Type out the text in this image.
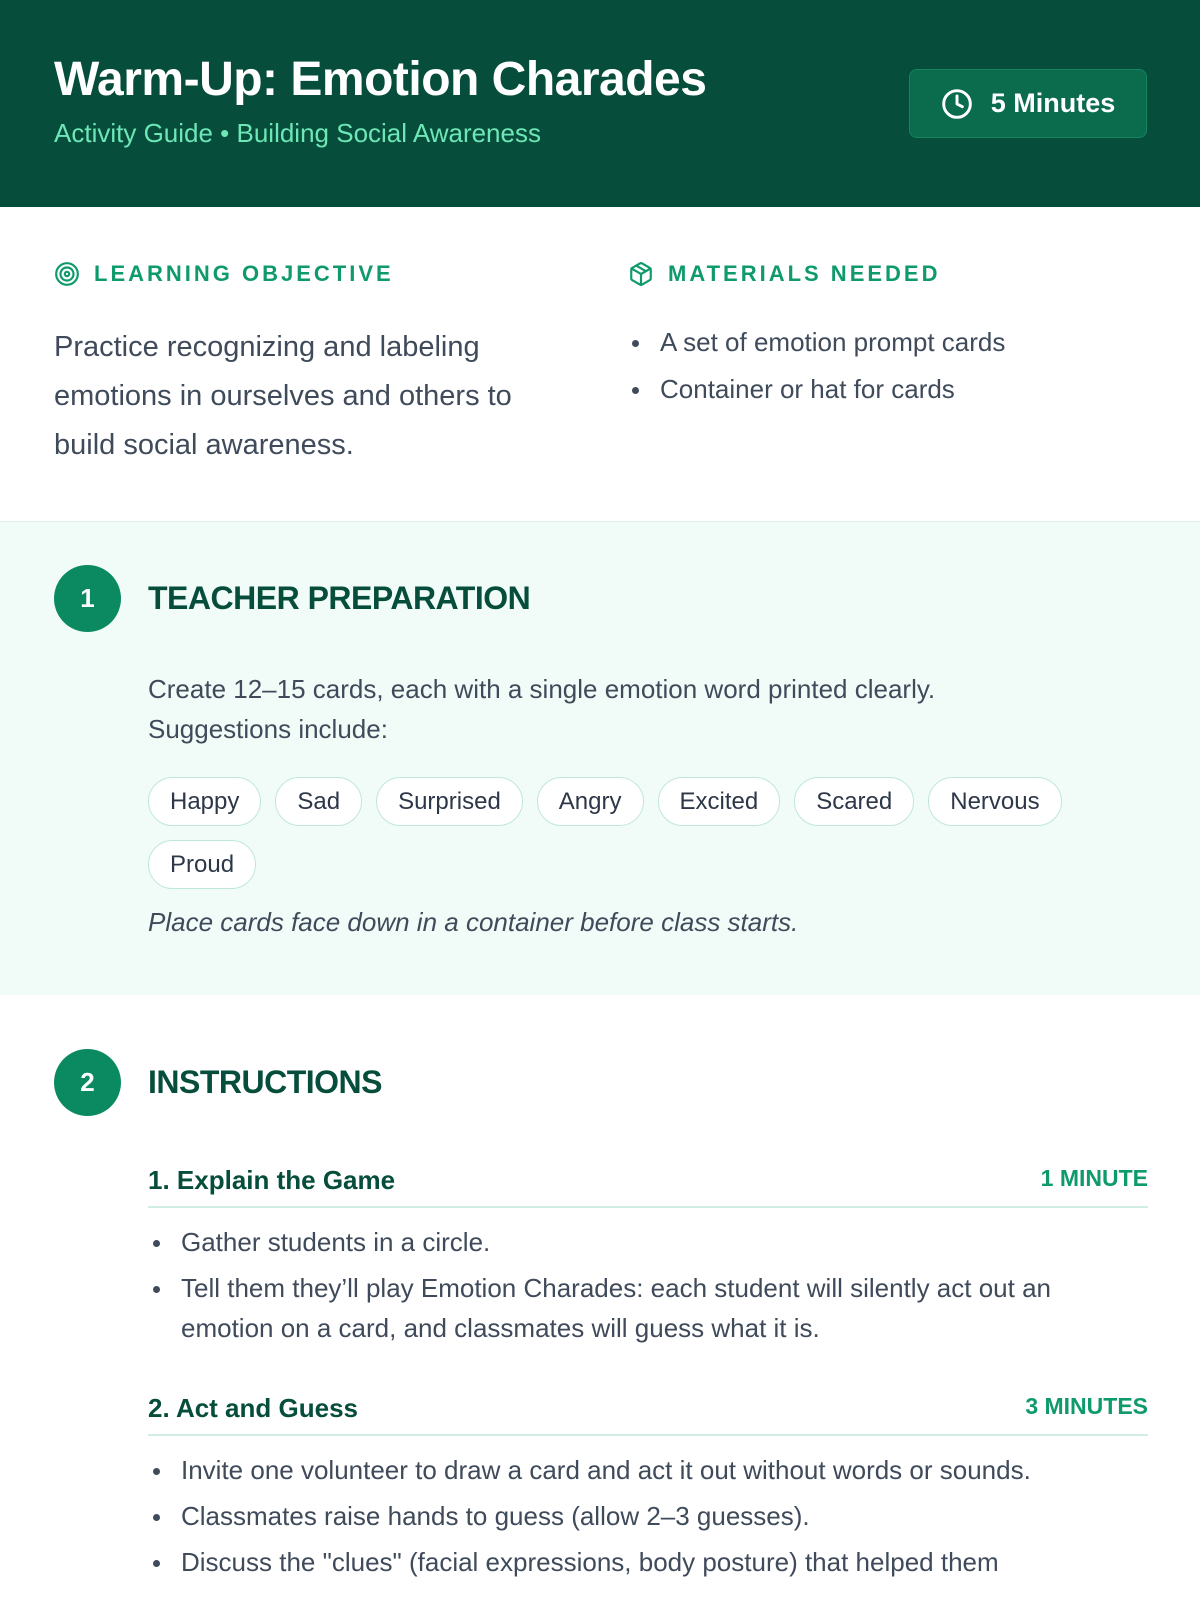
Warm-Up: Emotion Charades
Activity Guide • Building Social Awareness
5 Minutes
LEARNING OBJECTIVE

Practice recognizing and labeling emotions in ourselves and others to build social awareness.

MATERIALS NEEDED
A set of emotion prompt cards
Container or hat for cards
1	TEACHER PREPARATION

Create 12–15 cards, each with a single emotion word printed clearly. Suggestions include:

Happy	Sad	Surprised	Angry	Excited	Scared	Nervous
Proud

Place cards face down in a container before class starts.

2	INSTRUCTIONS
1. Explain the Game	1 MINUTE
Gather students in a circle.
Tell them they’ll play Emotion Charades: each student will silently act out an emotion on a card, and classmates will guess what it is.
2. Act and Guess	3 MINUTES
Invite one volunteer to draw a card and act it out without words or sounds.
Classmates raise hands to guess (allow 2–3 guesses).
Discuss the "clues" (facial expressions, body posture) that helped them
